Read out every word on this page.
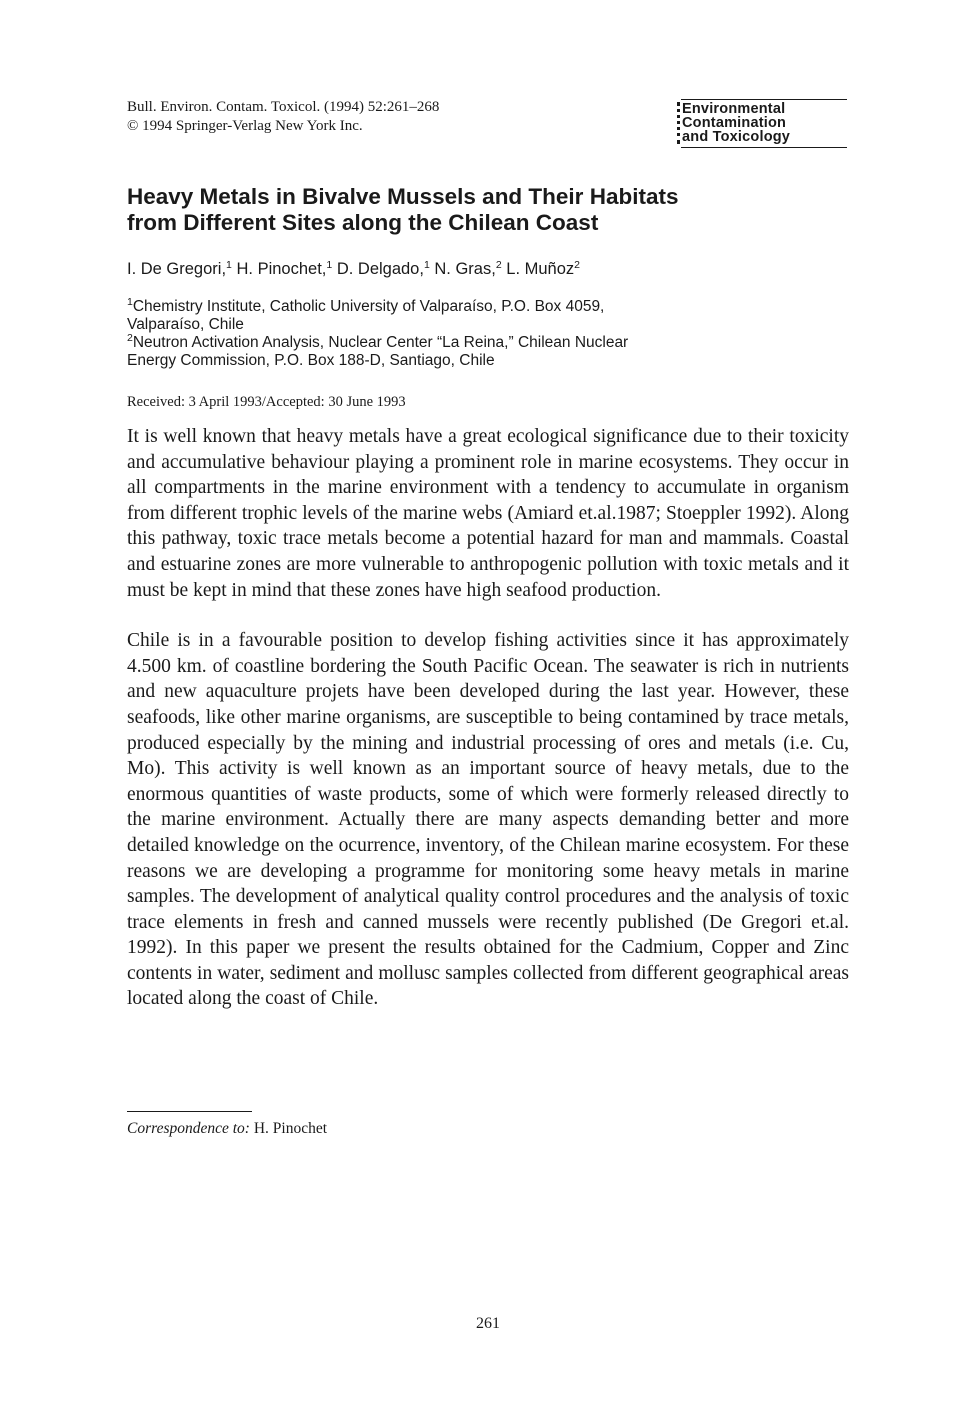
Bull. Environ. Contam. Toxicol. (1994) 52:261–268
© 1994 Springer-Verlag New York Inc.
Environmental
Contamination
and Toxicology
Heavy Metals in Bivalve Mussels and Their Habitats
from Different Sites along the Chilean Coast
I. De Gregori,$^1$ H. Pinochet,$^1$ D. Delgado,$^1$ N. Gras,$^2$ L. Muñoz$^2$
$^1$Chemistry Institute, Catholic University of Valparaíso, P.O. Box 4059,
Valparaíso, Chile
$^2$Neutron Activation Analysis, Nuclear Center “La Reina,” Chilean Nuclear
Energy Commission, P.O. Box 188-D, Santiago, Chile
Received: 3 April 1993/Accepted: 30 June 1993

It is well known that heavy metals have a great ecological significance due to their toxicity and accumulative behaviour playing a prominent role in marine ecosystems. They occur in all compartments in the marine environment with a tendency to accumulate in organism from different trophic levels of the marine webs (Amiard et.al.1987; Stoeppler 1992). Along this pathway, toxic trace metals become a potential hazard for man and mammals. Coastal and estuarine zones are more vulnerable to anthropogenic pollution with toxic metals and it must be kept in mind that these zones have high seafood production.

Chile is in a favourable position to develop fishing activities since it has approximately 4.500 km. of coastline bordering the South Pacific Ocean. The seawater is rich in nutrients and new aquaculture projets have been developed during the last year. However, these seafoods, like other marine organisms, are susceptible to being contamined by trace metals, produced especially by the mining and industrial processing of ores and metals (i.e. Cu, Mo). This activity is well known as an important source of heavy metals, due to the enormous quantities of waste products, some of which were formerly released directly to the marine environment. Actually there are many aspects demanding better and more detailed knowledge on the ocurrence, inventory, of the Chilean marine ecosystem. For these reasons we are developing a programme for monitoring some heavy metals in marine samples. The development of analytical quality control procedures and the analysis of toxic trace elements in fresh and canned mussels were recently published (De Gregori et.al. 1992). In this paper we present the results obtained for the Cadmium, Copper and Zinc contents in water, sediment and mollusc samples collected from different geographical areas located along the coast of Chile.

Correspondence to: H. Pinochet
261
